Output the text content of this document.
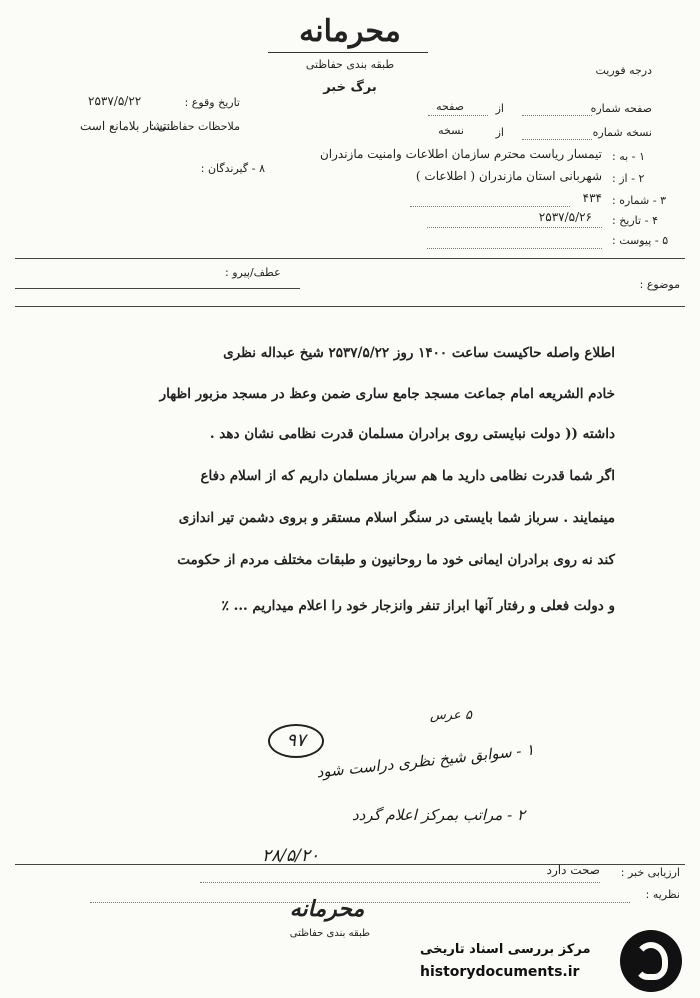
محرمانه
طبقه بندی حفاظتی
برگ خبر
درجه فوریت
تاریخ وقوع :
۲۵۳۷/۵/۲۲
ملاحظات حفاظتی :
انتشار بلامانع است
۸ - گیرندگان :
صفحه شماره
از
صفحه
نسخه شماره
از
نسخه
۱ - به :
تیمسار ریاست محترم سازمان اطلاعات وامنیت مازندران
۲ - از :
شهربانی استان مازندران ( اطلاعات )
۳ - شماره :
۴۳۴
۴ - تاریخ :
۲۵۳۷/۵/۲۶
۵ - پیوست :
عطف/پیرو :
موضوع :
اطلاع واصله حاکیست ساعت ۱۴۰۰ روز ۲۵۳۷/۵/۲۲ شیخ عبداله نظری
خادم الشریعه امام جماعت مسجد جامع ساری ضمن وعظ در مسجد مزبور اظهار
داشته (( دولت نبایستی روی برادران مسلمان قدرت نظامی نشان دهد .
اگر شما قدرت نظامی دارید ما هم سرباز مسلمان داریم که از اسلام دفاع
مینمایند . سرباز شما بایستی در سنگر اسلام مستقر و بروی دشمن تیر اندازی
کند نه روی برادران ایمانی خود ما روحانیون و طبقات مختلف مردم از حکومت
و دولت فعلی و رفتار آنها ابراز تنفر وانزجار خود را اعلام میداریم ... ٪
۵ عرس
۹۷
۱ - سوابق شیخ نظری دراست شود
۲ - مراتب بمرکز اعلام گردد
۲۸/۵/۲۰
ارزیابی خبر :
صحت دارد
نظریه :
محرمانه
طبقه بندی حفاظتی
مرکز بررسی اسناد تاریخی
historydocuments.ir
